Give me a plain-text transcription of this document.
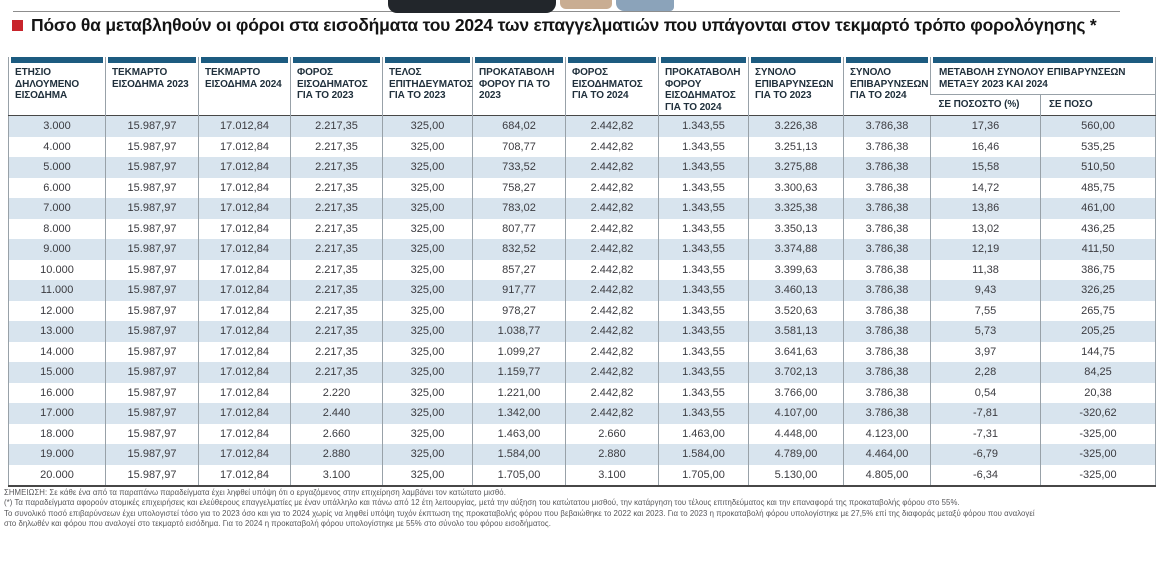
Πόσο θα μεταβληθούν οι φόροι στα εισοδήματα του 2024 των επαγγελματιών που υπάγονται στον τεκμαρτό τρόπο φορολόγησης *
ΕΤΗΣΙΟ ΔΗΛΟΥΜΕΝΟ ΕΙΣΟΔΗΜΑ	ΤΕΚΜΑΡΤΟ ΕΙΣΟΔΗΜΑ 2023	ΤΕΚΜΑΡΤΟ ΕΙΣΟΔΗΜΑ 2024	ΦΟΡΟΣ ΕΙΣΟΔΗΜΑΤΟΣ ΓΙΑ ΤΟ 2023	ΤΕΛΟΣ ΕΠΙΤΗΔΕΥΜΑΤΟΣ ΓΙΑ ΤΟ 2023	ΠΡΟΚΑΤΑΒΟΛΗ ΦΟΡΟΥ ΓΙΑ ΤΟ 2023	ΦΟΡΟΣ ΕΙΣΟΔΗΜΑΤΟΣ ΓΙΑ ΤΟ 2024	ΠΡΟΚΑΤΑΒΟΛΗ ΦΟΡΟΥ ΕΙΣΟΔΗΜΑΤΟΣ ΓΙΑ ΤΟ 2024	ΣΥΝΟΛΟ ΕΠΙΒΑΡΥΝΣΕΩΝ ΓΙΑ ΤΟ 2023	ΣΥΝΟΛΟ ΕΠΙΒΑΡΥΝΣΕΩΝ ΓΙΑ ΤΟ 2024	ΜΕΤΑΒΟΛΗ ΣΥΝΟΛΟΥ ΕΠΙΒΑΡΥΝΣΕΩΝ ΜΕΤΑΞΥ 2023 ΚΑΙ 2024	

										ΣΕ ΠΟΣΟΣΤΟ (%)	ΣΕ ΠΟΣΟ

3.000	15.987,97	17.012,84	2.217,35	325,00	684,02	2.442,82	1.343,55	3.226,38	3.786,38	17,36	560,00
4.000	15.987,97	17.012,84	2.217,35	325,00	708,77	2.442,82	1.343,55	3.251,13	3.786,38	16,46	535,25
5.000	15.987,97	17.012,84	2.217,35	325,00	733,52	2.442,82	1.343,55	3.275,88	3.786,38	15,58	510,50
6.000	15.987,97	17.012,84	2.217,35	325,00	758,27	2.442,82	1.343,55	3.300,63	3.786,38	14,72	485,75
7.000	15.987,97	17.012,84	2.217,35	325,00	783,02	2.442,82	1.343,55	3.325,38	3.786,38	13,86	461,00
8.000	15.987,97	17.012,84	2.217,35	325,00	807,77	2.442,82	1.343,55	3.350,13	3.786,38	13,02	436,25
9.000	15.987,97	17.012,84	2.217,35	325,00	832,52	2.442,82	1.343,55	3.374,88	3.786,38	12,19	411,50
10.000	15.987,97	17.012,84	2.217,35	325,00	857,27	2.442,82	1.343,55	3.399,63	3.786,38	11,38	386,75
11.000	15.987,97	17.012,84	2.217,35	325,00	917,77	2.442,82	1.343,55	3.460,13	3.786,38	9,43	326,25
12.000	15.987,97	17.012,84	2.217,35	325,00	978,27	2.442,82	1.343,55	3.520,63	3.786,38	7,55	265,75
13.000	15.987,97	17.012,84	2.217,35	325,00	1.038,77	2.442,82	1.343,55	3.581,13	3.786,38	5,73	205,25
14.000	15.987,97	17.012,84	2.217,35	325,00	1.099,27	2.442,82	1.343,55	3.641,63	3.786,38	3,97	144,75
15.000	15.987,97	17.012,84	2.217,35	325,00	1.159,77	2.442,82	1.343,55	3.702,13	3.786,38	2,28	84,25
16.000	15.987,97	17.012,84	2.220	325,00	1.221,00	2.442,82	1.343,55	3.766,00	3.786,38	0,54	20,38
17.000	15.987,97	17.012,84	2.440	325,00	1.342,00	2.442,82	1.343,55	4.107,00	3.786,38	-7,81	-320,62
18.000	15.987,97	17.012,84	2.660	325,00	1.463,00	2.660	1.463,00	4.448,00	4.123,00	-7,31	-325,00
19.000	15.987,97	17.012,84	2.880	325,00	1.584,00	2.880	1.584,00	4.789,00	4.464,00	-6,79	-325,00
20.000	15.987,97	17.012,84	3.100	325,00	1.705,00	3.100	1.705,00	5.130,00	4.805,00	-6,34	-325,00
ΣΗΜΕΙΩΣΗ: Σε κάθε ένα από τα παραπάνω παραδείγματα έχει ληφθεί υπόψη ότι ο εργαζόμενος στην επιχείρηση λαμβάνει τον κατώτατο μισθό.
(*) Τα παραδείγματα αφορούν ατομικές επιχειρήσεις και ελεύθερους επαγγελματίες με έναν υπάλληλο και πάνω από 12 έτη λειτουργίας, μετά την αύξηση του κατώτατου μισθού, την κατάργηση του τέλους επιτηδεύματος και την επαναφορά της προκαταβολής φόρου στο 55%.
Το συνολικό ποσό επιβαρύνσεων έχει υπολογιστεί τόσο για το 2023 όσο και για το 2024 χωρίς να ληφθεί υπόψη τυχόν έκπτωση της προκαταβολής φόρου που βεβαιώθηκε το 2022 και 2023. Για το 2023 η προκαταβολή φόρου υπολογίστηκε με 27,5% επί της διαφοράς μεταξύ φόρου που αναλογεί
στο δηλωθέν και φόρου που αναλογεί στο τεκμαρτό εισόδημα. Για το 2024 η προκαταβολή φόρου υπολογίστηκε με 55% στο σύνολο του φόρου εισοδήματος.
